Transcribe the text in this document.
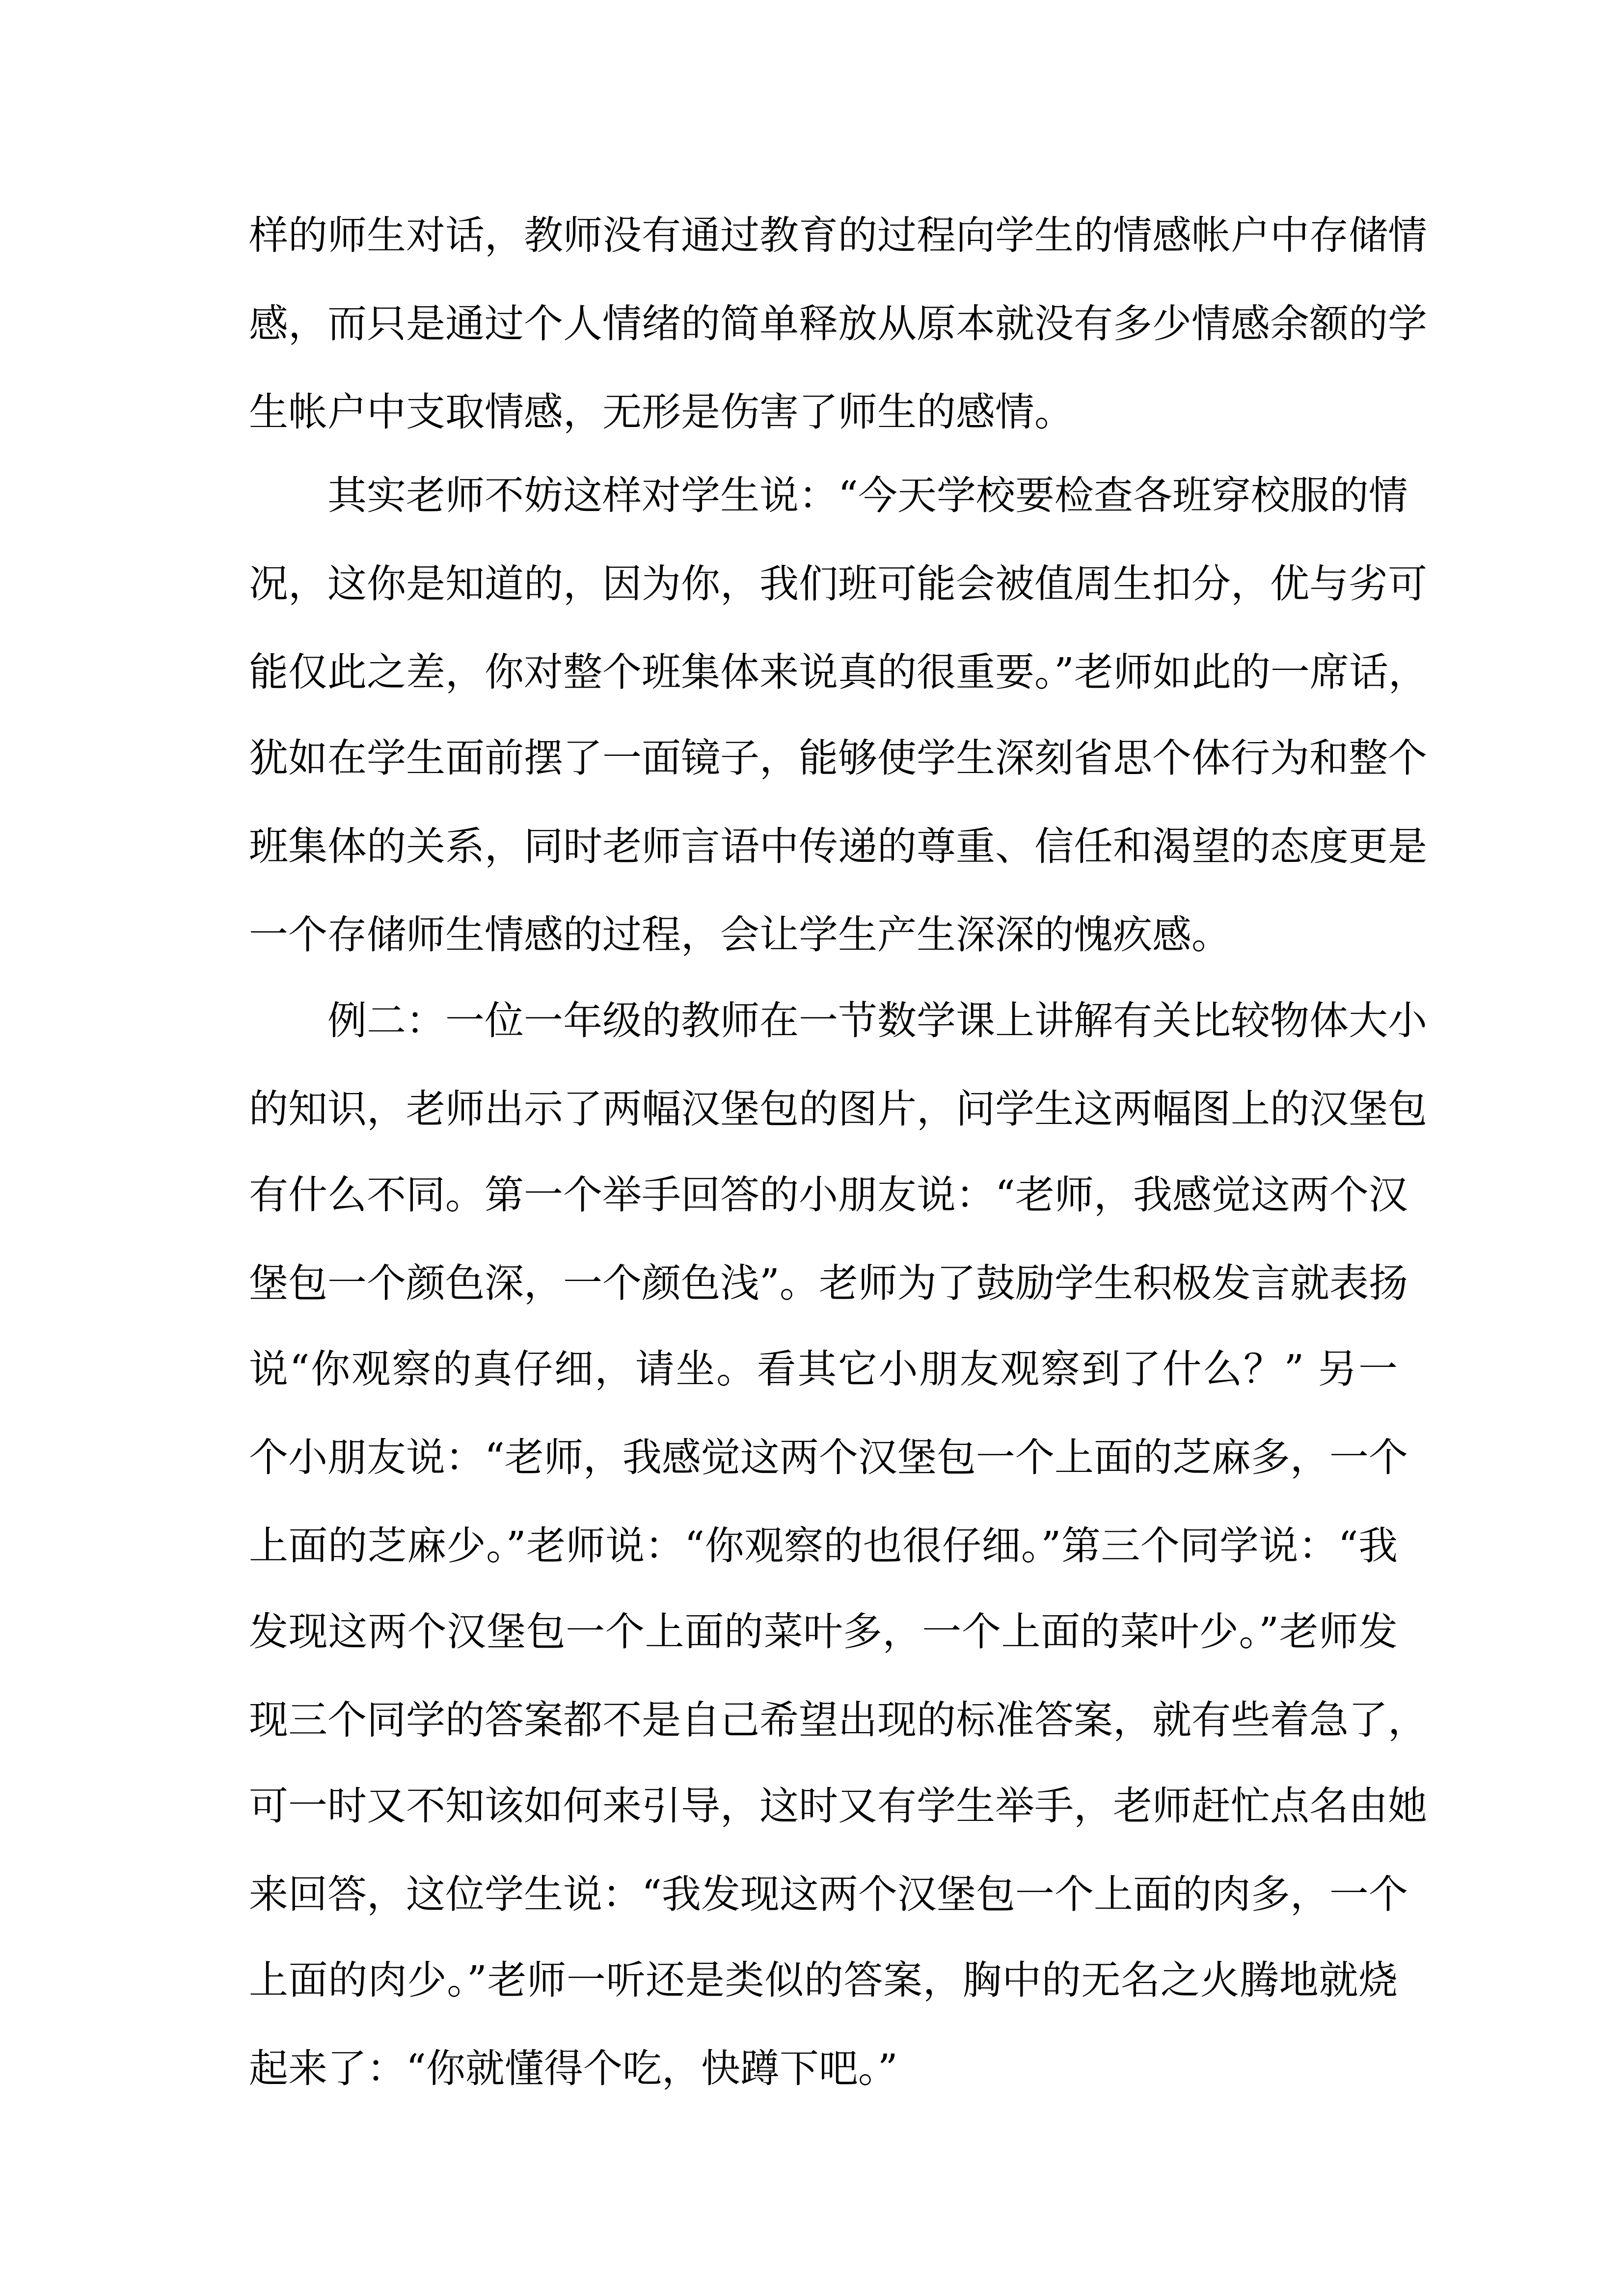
样的师生对话，教师没有通过教育的过程向学生的情感帐户中存储情
感，而只是通过个人情绪的简单释放从原本就没有多少情感余额的学
生帐户中支取情感，无形是伤害了师生的感情。
其实老师不妨这样对学生说：“今天学校要检查各班穿校服的情
况，这你是知道的，因为你，我们班可能会被值周生扣分，优与劣可
能仅此之差，你对整个班集体来说真的很重要。”老师如此的一席话，
犹如在学生面前摆了一面镜子，能够使学生深刻省思个体行为和整个
班集体的关系，同时老师言语中传递的尊重、信任和渴望的态度更是
一个存储师生情感的过程，会让学生产生深深的愧疚感。
例二：一位一年级的教师在一节数学课上讲解有关比较物体大小
的知识，老师出示了两幅汉堡包的图片，问学生这两幅图上的汉堡包
有什么不同。第一个举手回答的小朋友说：“老师，我感觉这两个汉
堡包一个颜色深，一个颜色浅”。老师为了鼓励学生积极发言就表扬
说“你观察的真仔细，请坐。看其它小朋友观察到了什么？” 另一
个小朋友说：“老师，我感觉这两个汉堡包一个上面的芝麻多，一个
上面的芝麻少。”老师说：“你观察的也很仔细。”第三个同学说：“我
发现这两个汉堡包一个上面的菜叶多，一个上面的菜叶少。”老师发
现三个同学的答案都不是自己希望出现的标准答案，就有些着急了，
可一时又不知该如何来引导，这时又有学生举手，老师赶忙点名由她
来回答，这位学生说：“我发现这两个汉堡包一个上面的肉多，一个
上面的肉少。”老师一听还是类似的答案，胸中的无名之火腾地就烧
起来了：“你就懂得个吃，快蹲下吧。”
